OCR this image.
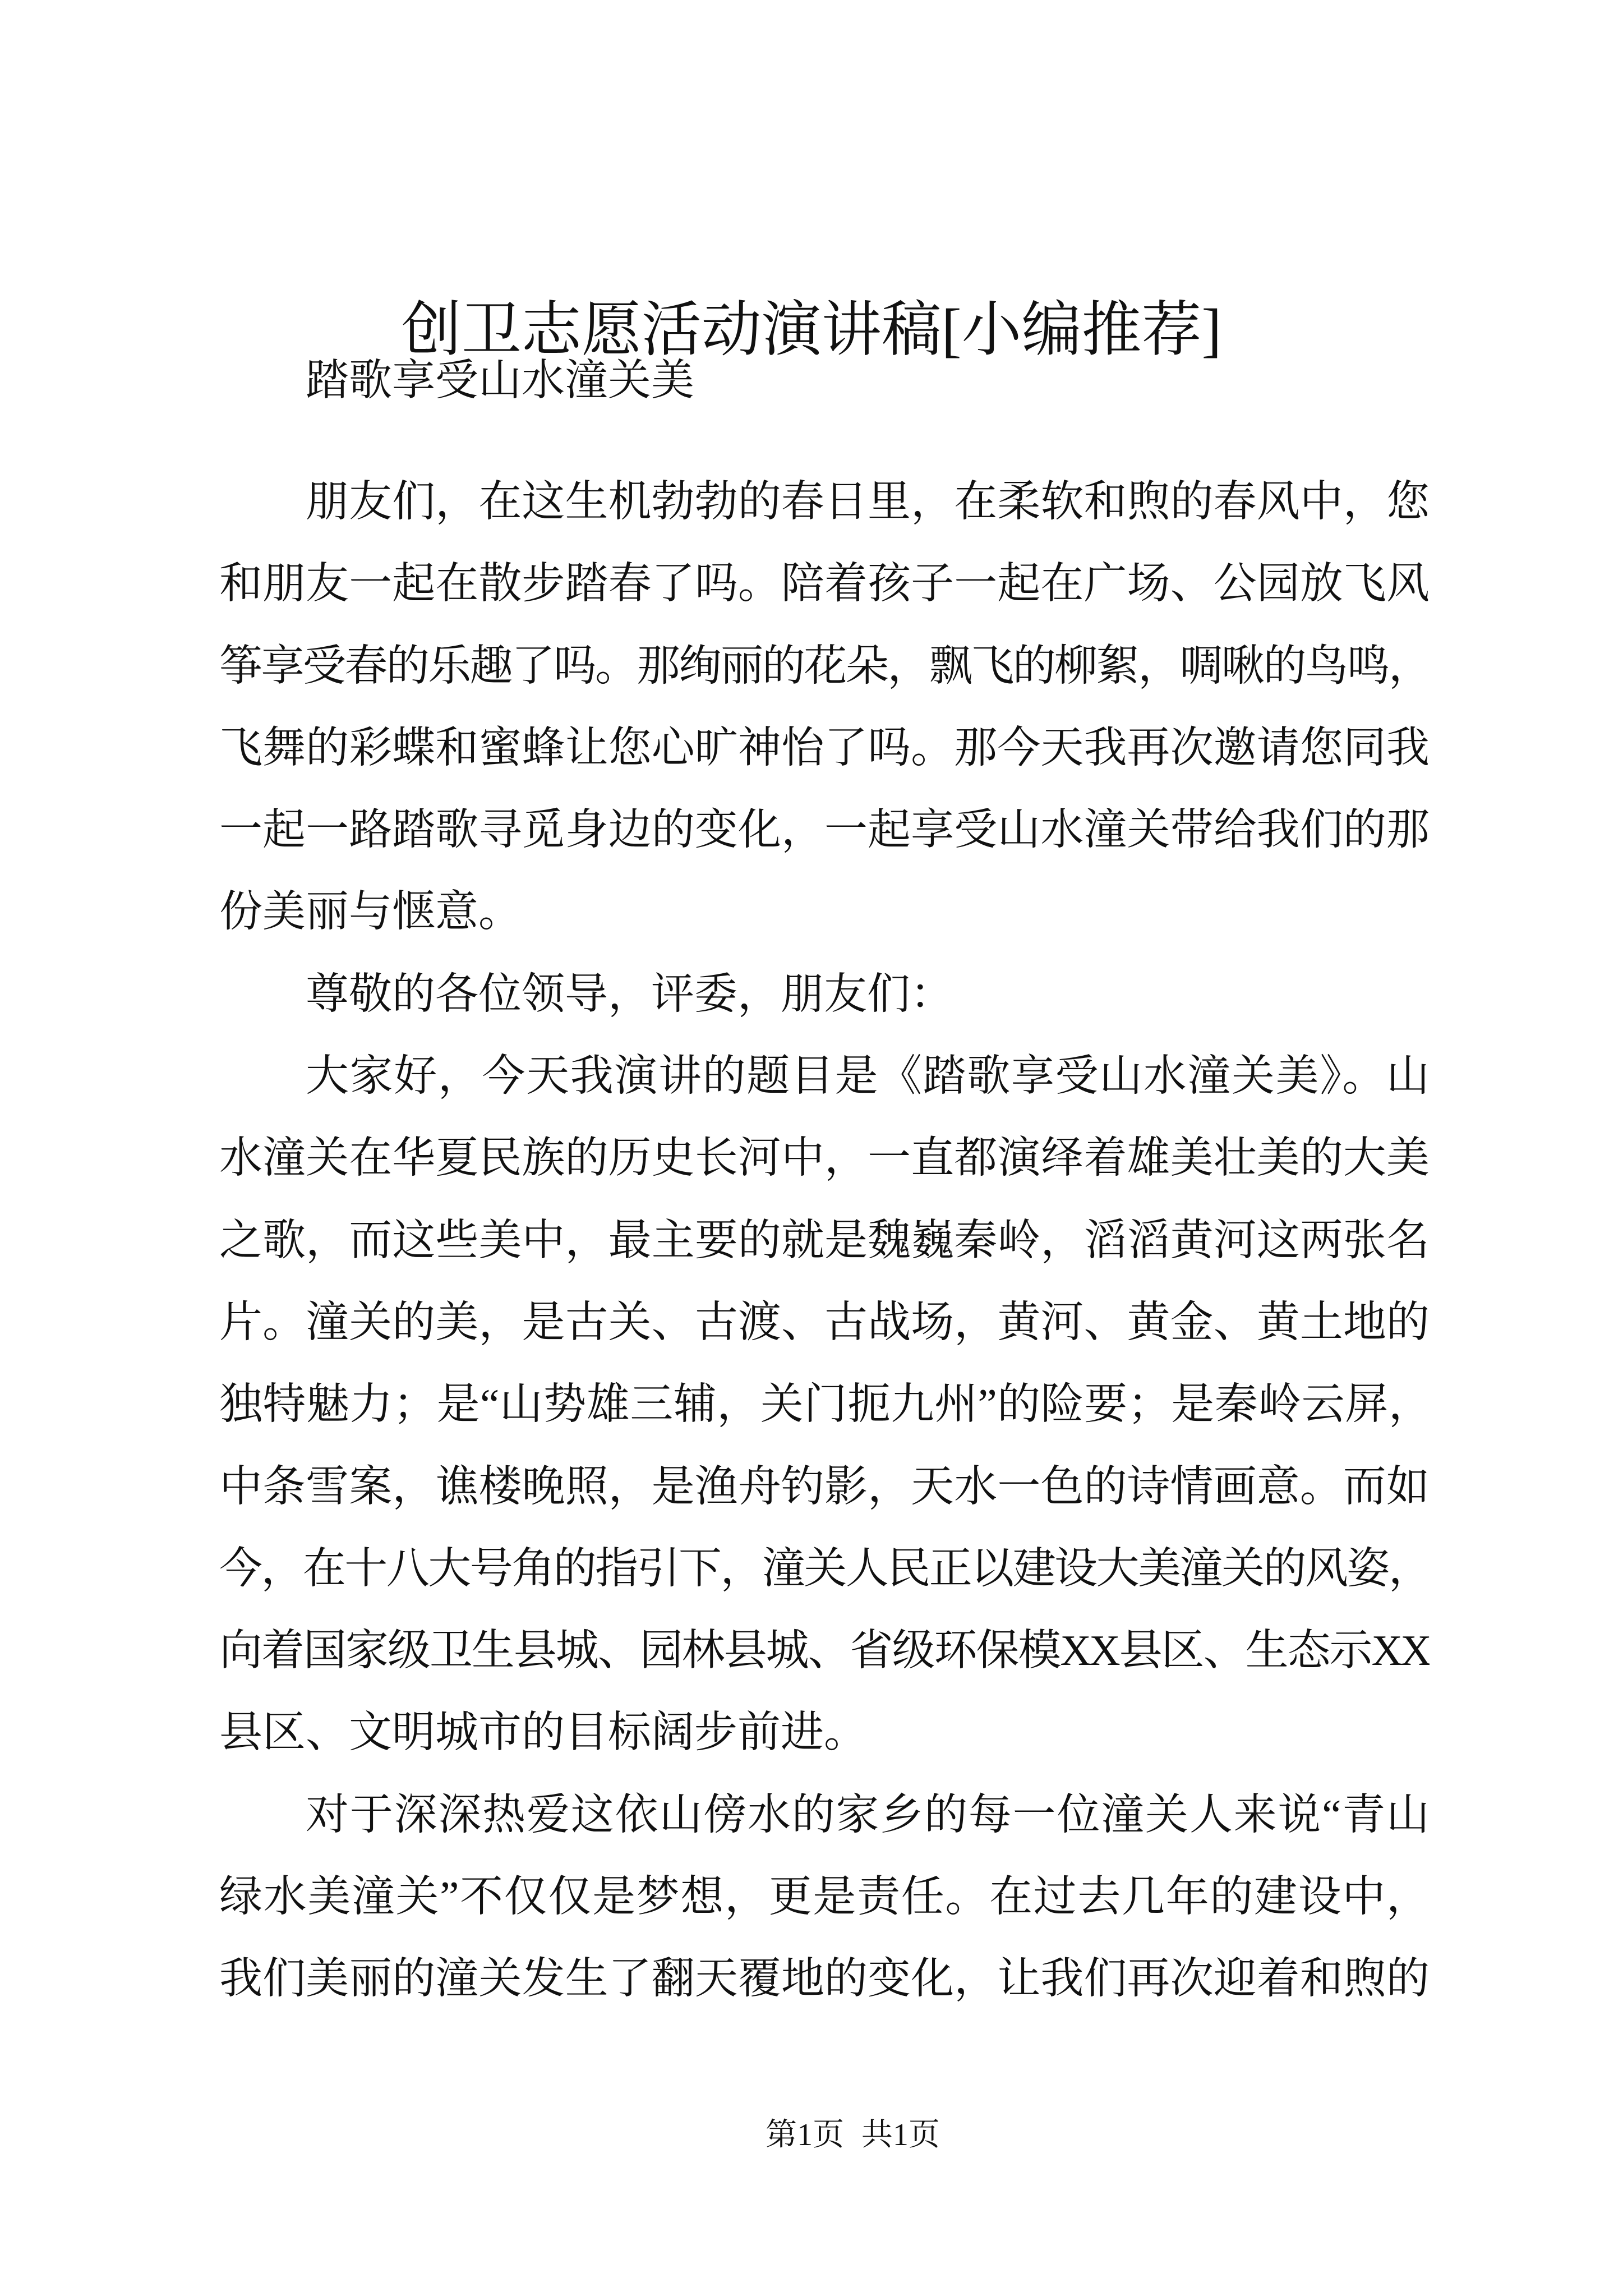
创卫志愿活动演讲稿[小编推荐]
踏歌享受山水潼关美
朋友们，在这生机勃勃的春日里，在柔软和煦的春风中，您
和朋友一起在散步踏春了吗。陪着孩子一起在广场、公园放飞风
筝享受春的乐趣了吗。那绚丽的花朵，飘飞的柳絮，啁啾的鸟鸣，
飞舞的彩蝶和蜜蜂让您心旷神怡了吗。那今天我再次邀请您同我
一起一路踏歌寻觅身边的变化，一起享受山水潼关带给我们的那
份美丽与惬意。
尊敬的各位领导，评委，朋友们：
大家好，今天我演讲的题目是《踏歌享受山水潼关美》。山
水潼关在华夏民族的历史长河中，一直都演绎着雄美壮美的大美
之歌，而这些美中，最主要的就是魏巍秦岭，滔滔黄河这两张名
片。潼关的美，是古关、古渡、古战场，黄河、黄金、黄土地的
独特魅力；是“山势雄三辅，关门扼九州”的险要；是秦岭云屏，
中条雪案，谯楼晚照，是渔舟钓影，天水一色的诗情画意。而如
今，在十八大号角的指引下，潼关人民正以建设大美潼关的风姿，
向着国家级卫生县城、园林县城、省级环保模XX县区、生态示XX
县区、文明城市的目标阔步前进。
对于深深热爱这依山傍水的家乡的每一位潼关人来说“青山
绿水美潼关”不仅仅是梦想，更是责任。在过去几年的建设中，
我们美丽的潼关发生了翻天覆地的变化，让我们再次迎着和煦的
第1页 共1页
